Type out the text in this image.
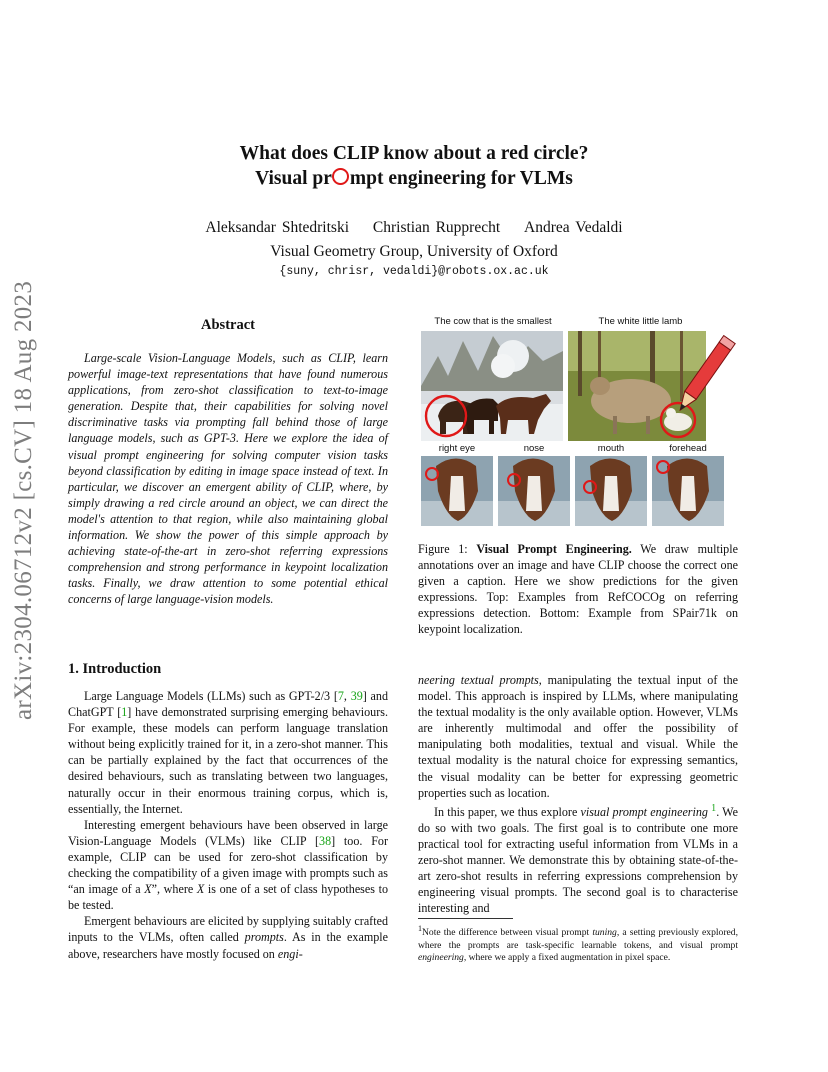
arXiv:2304.06712v2 [cs.CV] 18 Aug 2023
What does CLIP know about a red circle?
Visual pr mpt engineering for VLMs
Aleksandar Shtedritski Christian Rupprecht Andrea Vedaldi
Visual Geometry Group, University of Oxford
{suny, chrisr, vedaldi}@robots.ox.ac.uk
Abstract
Large-scale Vision-Language Models, such as CLIP, learn powerful image-text representations that have found numerous applications, from zero-shot classification to text-to-image generation. Despite that, their capabilities for solving novel discriminative tasks via prompting fall behind those of large language models, such as GPT-3. Here we explore the idea of visual prompt engineering for solving computer vision tasks beyond classification by editing in image space instead of text. In particular, we discover an emergent ability of CLIP, where, by simply drawing a red circle around an object, we can direct the model's attention to that region, while also maintaining global information. We show the power of this simple approach by achieving state-of-the-art in zero-shot referring expressions comprehension and strong performance in keypoint localization tasks. Finally, we draw attention to some potential ethical concerns of large language-vision models.
The cow that is the smallest	The white little lamb
right eye	nose	mouth	forehead
Figure 1: Visual Prompt Engineering. We draw multiple annotations over an image and have CLIP choose the correct one given a caption. Here we show predictions for the given expressions. Top: Examples from RefCOCOg on referring expressions detection. Bottom: Example from SPair71k on keypoint localization.
1. Introduction

Large Language Models (LLMs) such as GPT-2/3 [7, 39] and ChatGPT [1] have demonstrated surprising emerging behaviours. For example, these models can perform language translation without being explicitly trained for it, in a zero-shot manner. This can be partially explained by the fact that occurrences of the desired behaviours, such as translating between two languages, naturally occur in their enormous training corpus, which is, essentially, the Internet.

Interesting emergent behaviours have been observed in large Vision-Language Models (VLMs) like CLIP [38] too. For example, CLIP can be used for zero-shot classification by checking the compatibility of a given image with prompts such as “an image of a X”, where X is one of a set of class hypotheses to be tested.

Emergent behaviours are elicited by supplying suitably crafted inputs to the VLMs, often called prompts. As in the example above, researchers have mostly focused on engi-

neering textual prompts, manipulating the textual input of the model. This approach is inspired by LLMs, where manipulating the textual modality is the only available option. However, VLMs are inherently multimodal and offer the possibility of manipulating both modalities, textual and visual. While the textual modality is the natural choice for expressing semantics, the visual modality can be better for expressing geometric properties such as location.

In this paper, we thus explore visual prompt engineering $^1$. We do so with two goals. The first goal is to contribute one more practical tool for extracting useful information from VLMs in a zero-shot manner. We demonstrate this by obtaining state-of-the-art zero-shot results in referring expressions comprehension by engineering visual prompts. The second goal is to characterise interesting and

$^1$Note the difference between visual prompt tuning, a setting previously explored, where the prompts are task-specific learnable tokens, and visual prompt engineering, where we apply a fixed augmentation in pixel space.
